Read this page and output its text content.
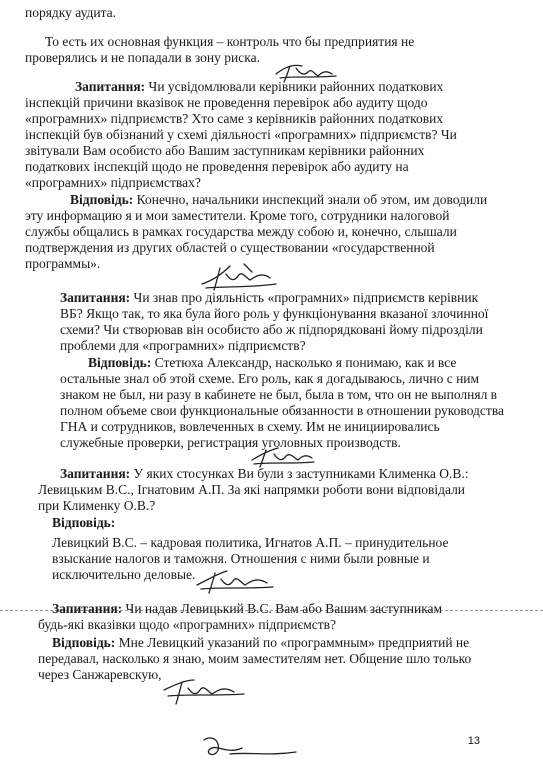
порядку аудита.
То есть их основная функция – контроль что бы предприятия не
проверялись и не попадали в зону риска.
Запитання: Чи усвідомлювали керівники районних податкових
інспекцій причини вказівок не проведення перевірок або аудиту щодо
«програмних» підприємств? Хто саме з керівників районних податкових
інспекцій був обізнаний у схемі діяльності «програмних» підприємств? Чи
звітували Вам особисто або Вашим заступникам керівники районних
податкових інспекцій щодо не проведення перевірок або аудиту на
«програмних» підприємствах?
Відповідь: Конечно, начальники инспекций знали об этом, им доводили
эту информацию я и мои заместители. Кроме того, сотрудники налоговой
службы общались в рамках государства между собою и, конечно, слышали
подтверждения из других областей о существовании «государственной
программы».
Запитання: Чи знав про діяльність «програмних» підприємств керівник
ВБ? Якщо так, то яка була його роль у функціонування вказаної злочинної
схеми? Чи створював він особисто або ж підпорядковані йому підрозділи
проблеми для «програмних» підприємств?
Відповідь: Стетюха Александр, насколько я понимаю, как и все
остальные знал об этой схеме. Его роль, как я догадываюсь, лично с ним
знаком не был, ни разу в кабинете не был, была в том, что он не выполнял в
полном объеме свои функциональные обязанности в отношении руководства
ГНА и сотрудников, вовлеченных в схему. Им не инициировались
служебные проверки, регистрация уголовных производств.
Запитання: У яких стосунках Ви були з заступниками Клименка О.В.:
Левицьким В.С., Ігнатовим А.П. За які напрямки роботи вони відповідали
при Клименку О.В.?
Відповідь:
Левицкий В.С. – кадровая политика, Игнатов А.П. – принудительное
взыскание налогов и таможня. Отношения с ними были ровные и
исключительно деловые.
Запитання: Чи надав Левицький В.С. Вам або Вашим заступникам
будь-які вказівки щодо «програмних» підприємств?
Відповідь: Мне Левицкий указаний по «программным» предприятий не
передавал, насколько я знаю, моим заместителям нет. Общение шло только
через Санжаревскую,
13
